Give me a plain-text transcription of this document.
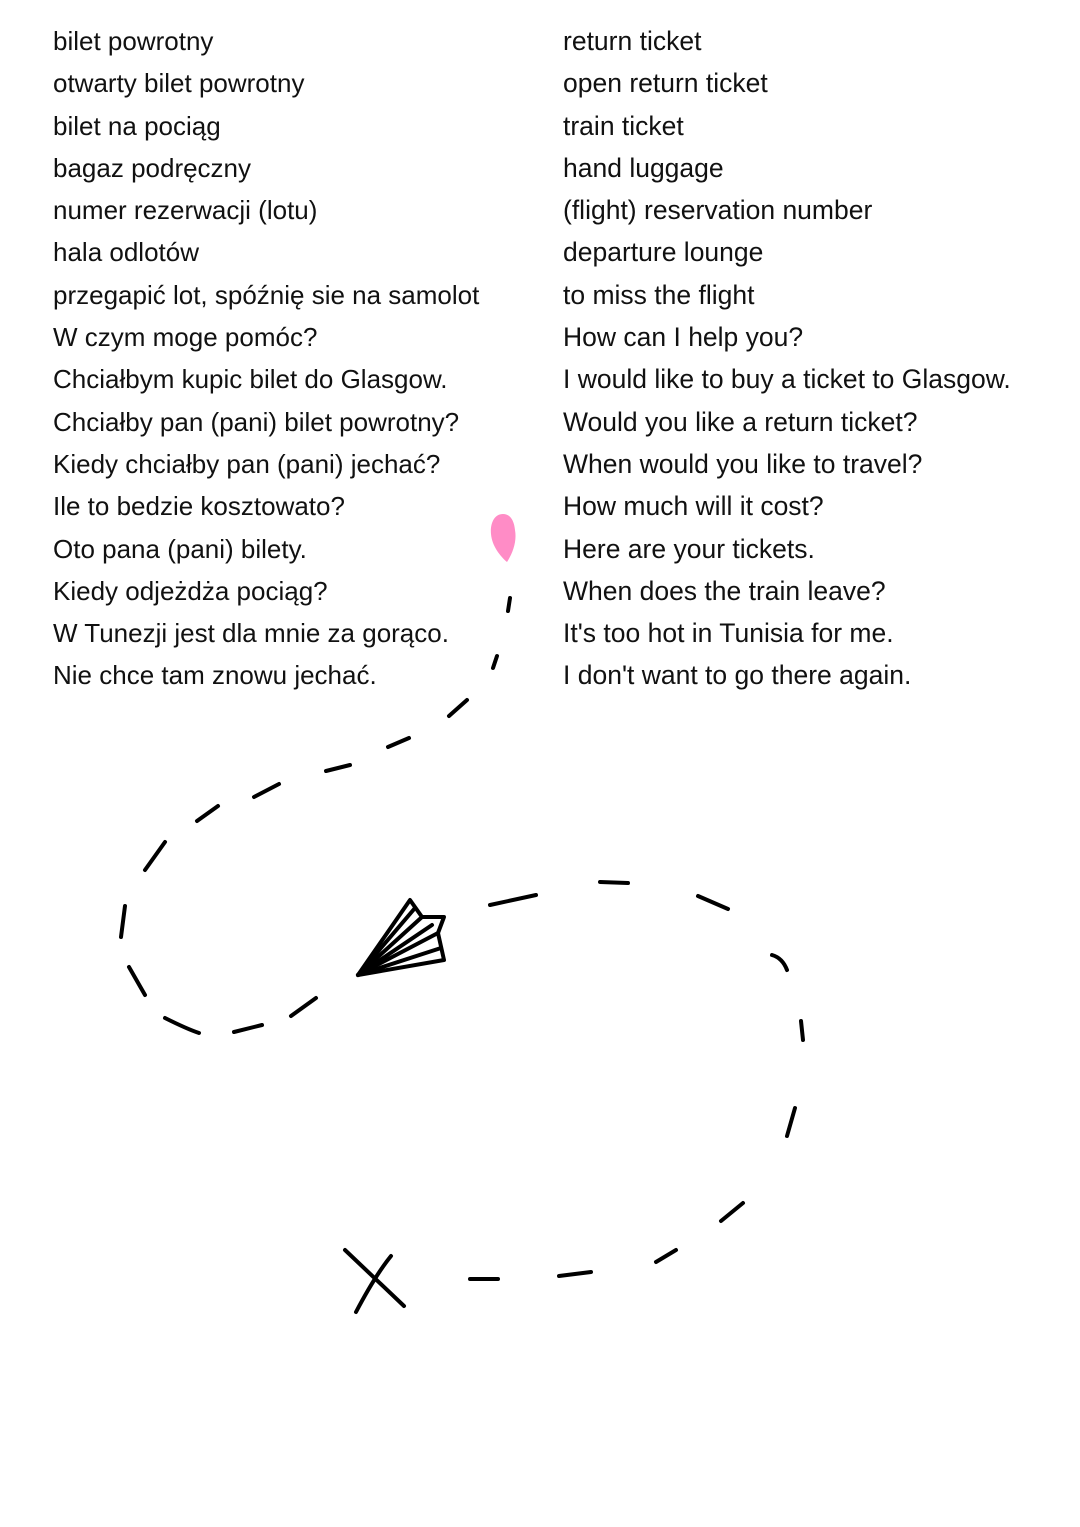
bilet powrotny
otwarty bilet powrotny
bilet na pociąg
bagaz podręczny
numer rezerwacji (lotu)
hala odlotów
przegapić lot, spóźnię sie na samolot
W czym moge pomóc?
Chciałbym kupic bilet do Glasgow.
Chciałby pan (pani) bilet powrotny?
Kiedy chciałby pan (pani) jechać?
Ile to bedzie kosztowato?
Oto pana (pani) bilety.
Kiedy odjeżdża pociąg?
W Tunezji jest dla mnie za gorąco.
Nie chce tam znowu jechać.
return ticket
open return ticket
train ticket
hand luggage
(flight) reservation number
departure lounge
to miss the flight
How can I help you?
I would like to buy a ticket to Glasgow.
Would you like a return ticket?
When would you like to travel?
How much will it cost?
Here are your tickets.
When does the train leave?
It's too hot in Tunisia for me.
I don't want to go there again.
